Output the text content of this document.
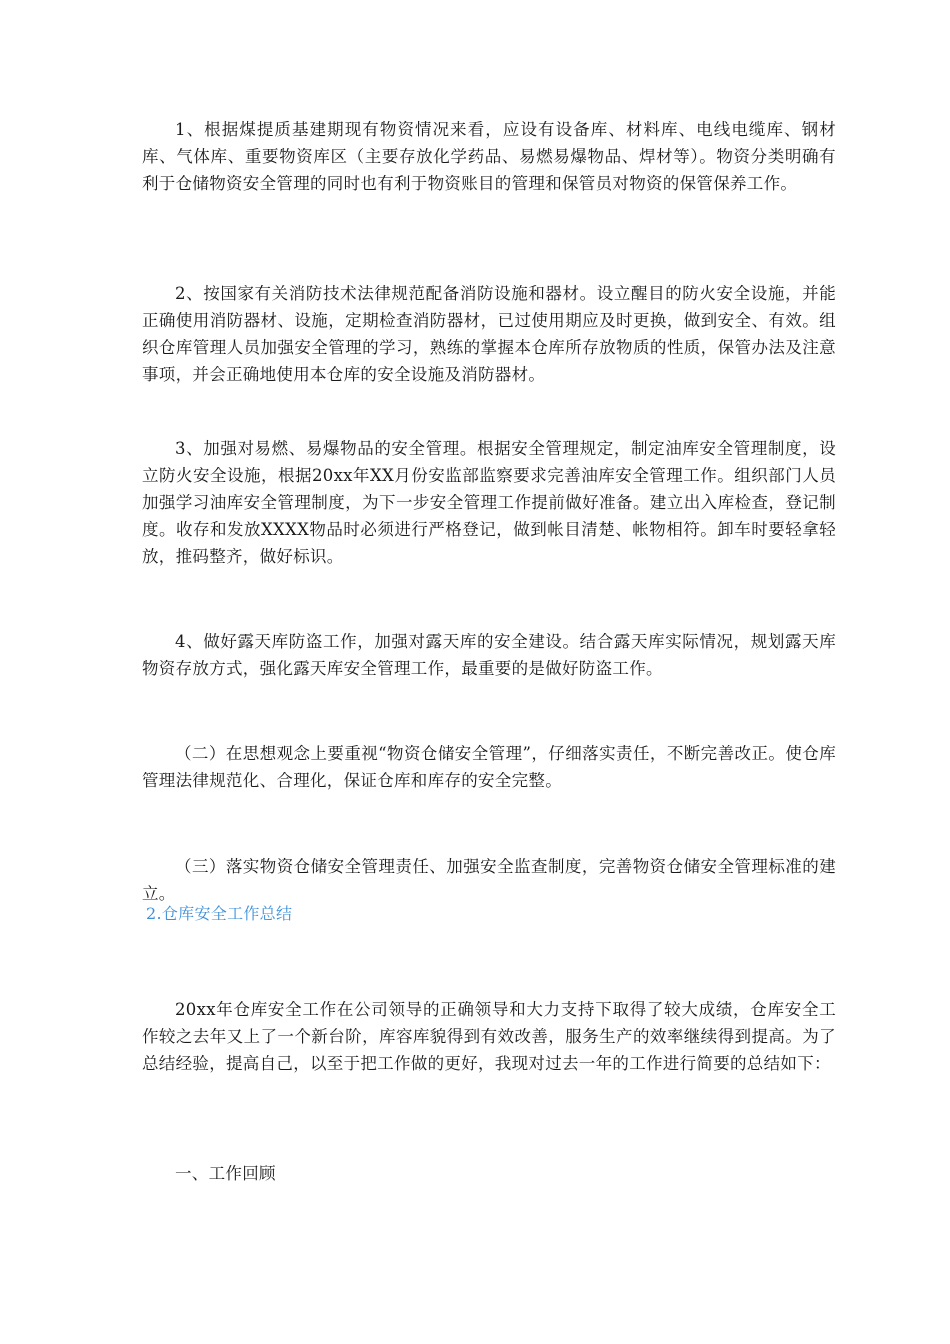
1、根据煤提质基建期现有物资情况来看，应设有设备库、材料库、电线电缆库、钢材库、气体库、重要物资库区（主要存放化学药品、易燃易爆物品、焊材等）。物资分类明确有利于仓储物资安全管理的同时也有利于物资账目的管理和保管员对物资的保管保养工作。

2、按国家有关消防技术法律规范配备消防设施和器材。设立醒目的防火安全设施，并能正确使用消防器材、设施，定期检查消防器材，已过使用期应及时更换，做到安全、有效。组织仓库管理人员加强安全管理的学习，熟练的掌握本仓库所存放物质的性质，保管办法及注意事项，并会正确地使用本仓库的安全设施及消防器材。

3、加强对易燃、易爆物品的安全管理。根据安全管理规定，制定油库安全管理制度，设立防火安全设施，根据20xx年XX月份安监部监察要求完善油库安全管理工作。组织部门人员加强学习油库安全管理制度，为下一步安全管理工作提前做好准备。建立出入库检查，登记制度。收存和发放XXXX物品时必须进行严格登记，做到帐目清楚、帐物相符。卸车时要轻拿轻放，推码整齐，做好标识。

4、做好露天库防盗工作，加强对露天库的安全建设。结合露天库实际情况，规划露天库物资存放方式，强化露天库安全管理工作，最重要的是做好防盗工作。

（二）在思想观念上要重视“物资仓储安全管理”，仔细落实责任，不断完善改正。使仓库管理法律规范化、合理化，保证仓库和库存的安全完整。

（三）落实物资仓储安全管理责任、加强安全监查制度，完善物资仓储安全管理标准的建立。

2.仓库安全工作总结

20xx年仓库安全工作在公司领导的正确领导和大力支持下取得了较大成绩，仓库安全工作较之去年又上了一个新台阶，库容库貌得到有效改善，服务生产的效率继续得到提高。为了总结经验，提高自己，以至于把工作做的更好，我现对过去一年的工作进行简要的总结如下：

一、工作回顾
